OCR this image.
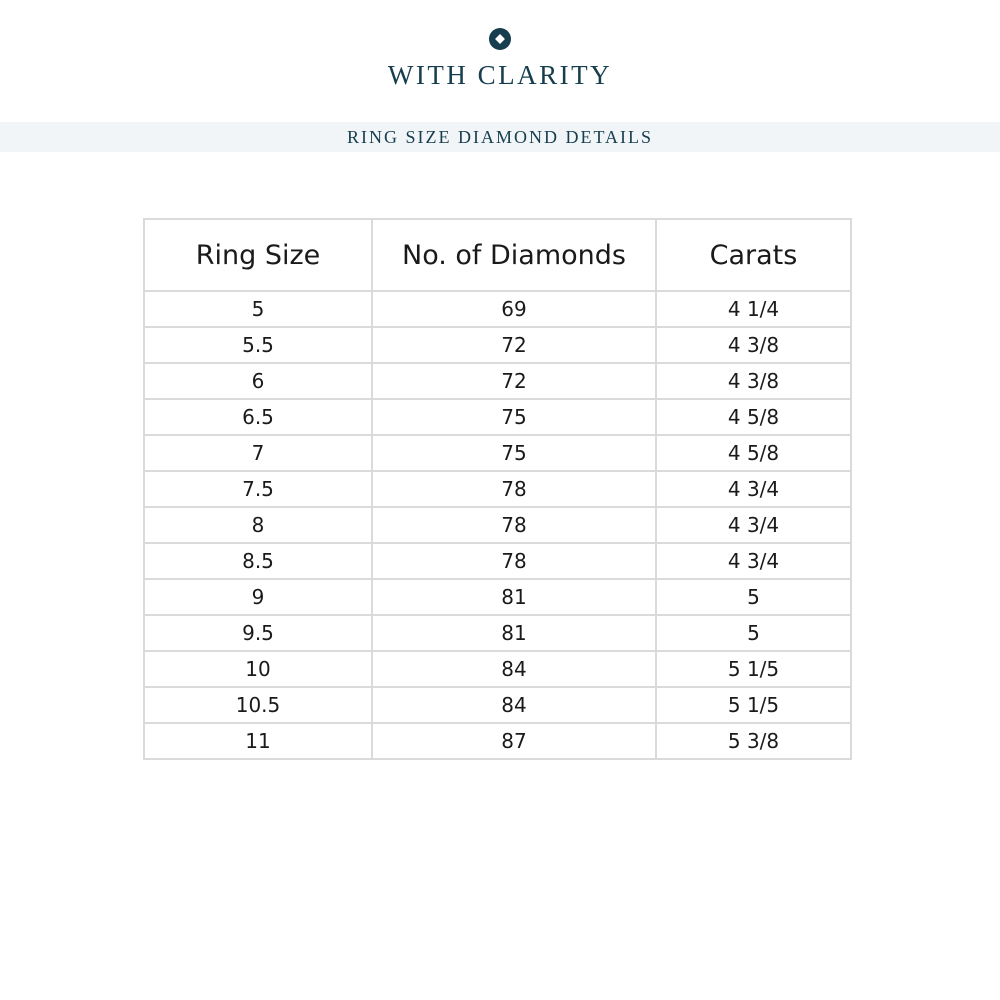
WITH CLARITY
RING SIZE DIAMOND DETAILS
Ring Size	No. of Diamonds	Carats
5	69	4 1/4
5.5	72	4 3/8
6	72	4 3/8
6.5	75	4 5/8
7	75	4 5/8
7.5	78	4 3/4
8	78	4 3/4
8.5	78	4 3/4
9	81	5
9.5	81	5
10	84	5 1/5
10.5	84	5 1/5
11	87	5 3/8
